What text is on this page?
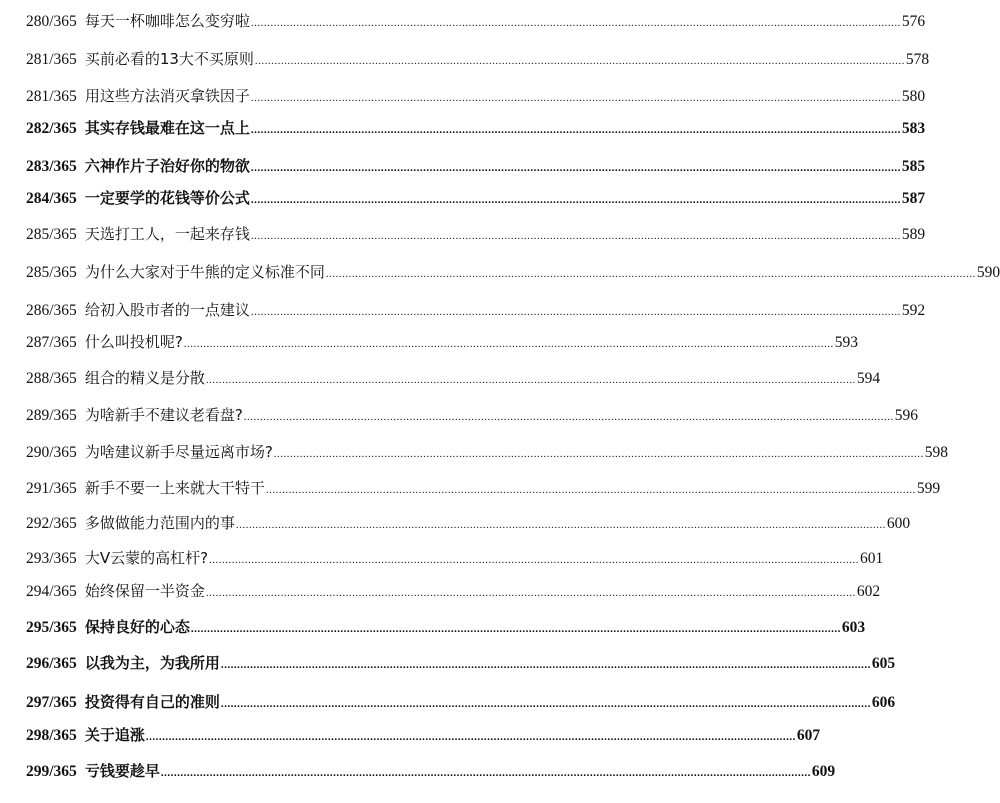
280/365 每天一杯咖啡怎么变穷啦 ........................................................................................................................................................................................................ 576
281/365 买前必看的13大不买原则 ........................................................................................................................................................................................................ 578
281/365 用这些方法消灭拿铁因子 ........................................................................................................................................................................................................ 580
282/365 其实存钱最难在这一点上 ........................................................................................................................................................................................................ 583
283/365 六神作片子治好你的物欲 ........................................................................................................................................................................................................ 585
284/365 一定要学的花钱等价公式 ........................................................................................................................................................................................................ 587
285/365 天选打工人，一起来存钱 ........................................................................................................................................................................................................ 589
285/365 为什么大家对于牛熊的定义标准不同 ........................................................................................................................................................................................................ 590
286/365 给初入股市者的一点建议 ........................................................................................................................................................................................................ 592
287/365 什么叫投机呢? ........................................................................................................................................................................................................ 593
288/365 组合的精义是分散 ........................................................................................................................................................................................................ 594
289/365 为啥新手不建议老看盘? ........................................................................................................................................................................................................ 596
290/365 为啥建议新手尽量远离市场? ........................................................................................................................................................................................................ 598
291/365 新手不要一上来就大干特干 ........................................................................................................................................................................................................ 599
292/365 多做做能力范围内的事 ........................................................................................................................................................................................................ 600
293/365 大V云蒙的高杠杆? ........................................................................................................................................................................................................ 601
294/365 始终保留一半资金 ........................................................................................................................................................................................................ 602
295/365 保持良好的心态 ........................................................................................................................................................................................................ 603
296/365 以我为主，为我所用 ........................................................................................................................................................................................................ 605
297/365 投资得有自己的准则 ........................................................................................................................................................................................................ 606
298/365 关于追涨 ........................................................................................................................................................................................................ 607
299/365 亏钱要趁早 ........................................................................................................................................................................................................ 609
